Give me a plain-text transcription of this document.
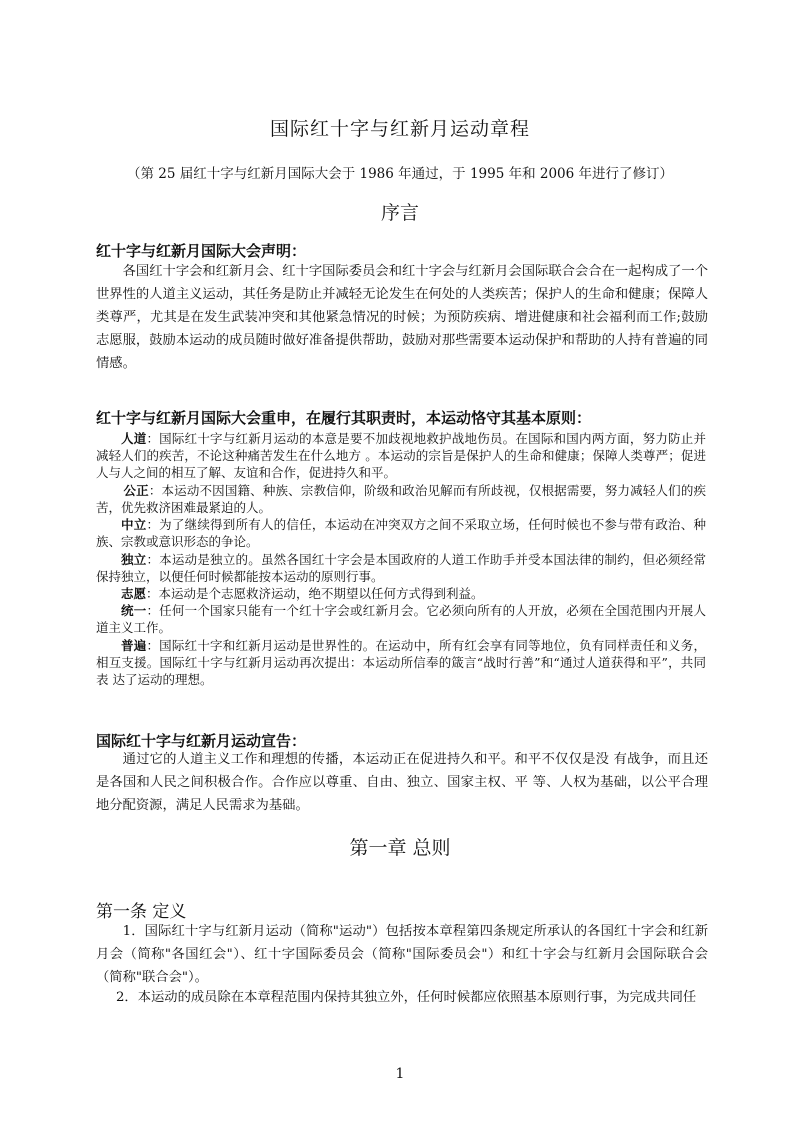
国际红十字与红新月运动章程
（第 25 届红十字与红新月国际大会于 1986 年通过，于 1995 年和 2006 年进行了修订）
序言
红十字与红新月国际大会声明：
各国红十字会和红新月会、红十字国际委员会和红十字会与红新月会国际联合会合在一起构成了一个世界性的人道主义运动，其任务是防止并减轻无论发生在何处的人类疾苦；保护人的生命和健康；保障人类尊严，尤其是在发生武装冲突和其他紧急情况的时候；为预防疾病、增进健康和社会福利而工作;鼓励志愿服，鼓励本运动的成员随时做好准备提供帮助，鼓励对那些需要本运动保护和帮助的人持有普遍的同情感。
红十字与红新月国际大会重申，在履行其职责时，本运动恪守其基本原则：
人道：国际红十字与红新月运动的本意是要不加歧视地救护战地伤员。在国际和国内两方面，努力防止并减轻人们的疾苦，不论这种痛苦发生在什么地方 。本运动的宗旨是保护人的生命和健康；保障人类尊严；促进人与人之间的相互了解、友谊和合作，促进持久和平。
公正：本运动不因国籍、种族、宗教信仰，阶级和政治见解而有所歧视，仅根据需要，努力减轻人们的疾苦，优先救济困难最紧迫的人。
中立：为了继续得到所有人的信任，本运动在冲突双方之间不采取立场，任何时候也不参与带有政治、种族、宗教或意识形态的争论。
独立：本运动是独立的。虽然各国红十字会是本国政府的人道工作助手并受本国法律的制约，但必须经常保持独立，以便任何时候都能按本运动的原则行事。
志愿：本运动是个志愿救济运动，绝不期望以任何方式得到利益。
统一：任何一个国家只能有一个红十字会或红新月会。它必须向所有的人开放，必须在全国范围内开展人道主义工作。
普遍：国际红十字和红新月运动是世界性的。在运动中，所有红会享有同等地位，负有同样责任和义务，相互支援。国际红十字与红新月运动再次提出：本运动所信奉的箴言“战时行善”和“通过人道获得和平”，共同表 达了运动的理想。
国际红十字与红新月运动宣告：
通过它的人道主义工作和理想的传播，本运动正在促进持久和平。和平不仅仅是没 有战争，而且还是各国和人民之间积极合作。合作应以尊重、自由、独立、国家主权、平 等、人权为基础，以公平合理地分配资源，满足人民需求为基础。
第一章 总则
第一条 定义
1．国际红十字与红新月运动（简称"运动"）包括按本章程第四条规定所承认的各国红十字会和红新月会（简称"各国红会"）、红十字国际委员会（简称"国际委员会"）和红十字会与红新月会国际联合会（简称"联合会"）。
2．本运动的成员除在本章程范围内保持其独立外，任何时候都应依照基本原则行事，为完成共同任
1
